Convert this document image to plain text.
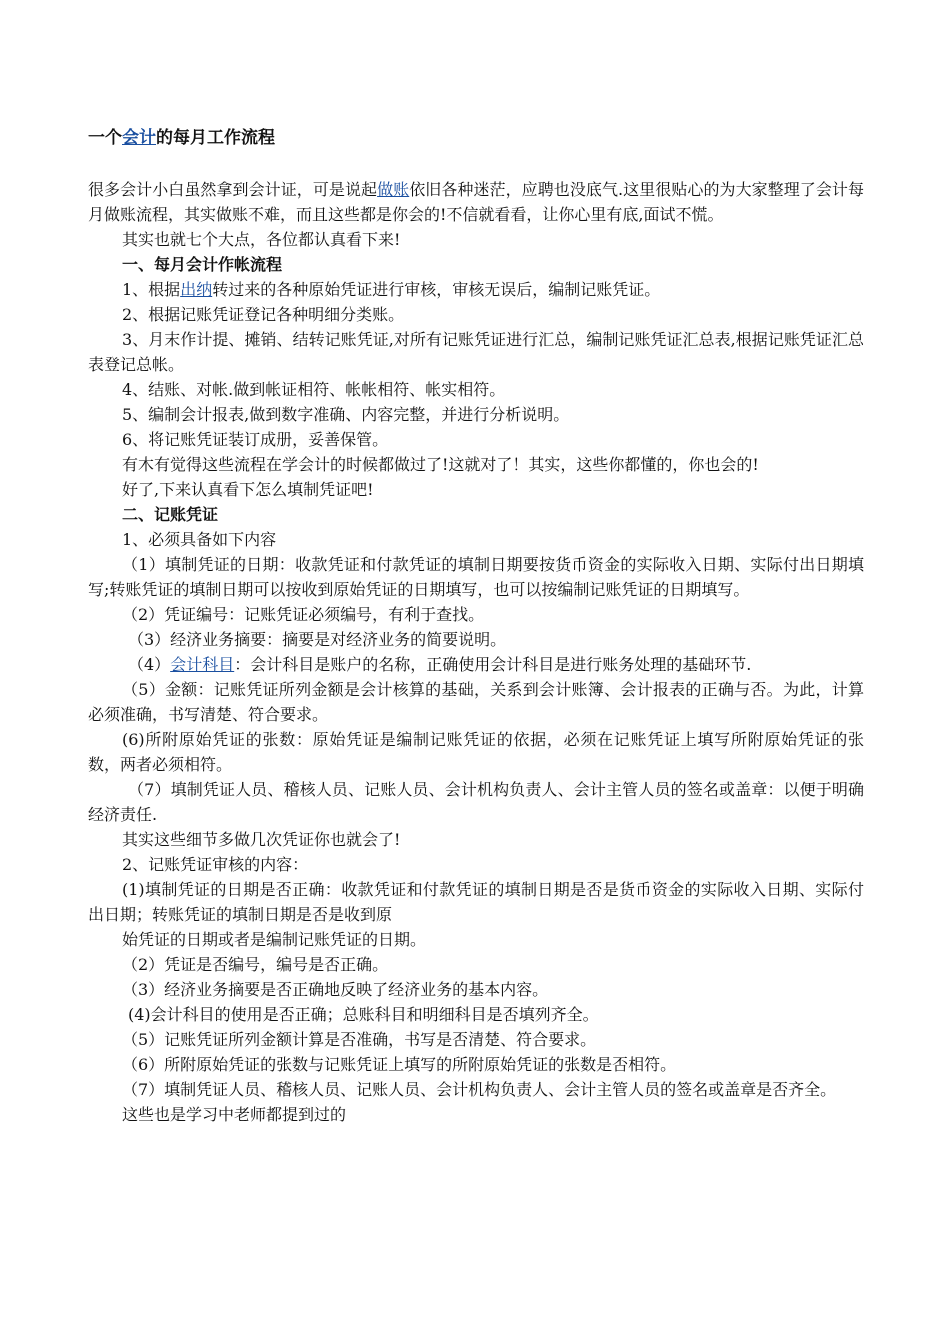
一个会计的每月工作流程

很多会计小白虽然拿到会计证，可是说起做账依旧各种迷茫，应聘也没底气.这里很贴心的为大家整理了会计每月做账流程，其实做账不难，而且这些都是你会的!不信就看看，让你心里有底,面试不慌。

其实也就七个大点，各位都认真看下来!

一、每月会计作帐流程

1、根据出纳转过来的各种原始凭证进行审核，审核无误后，编制记账凭证。

2、根据记账凭证登记各种明细分类账。

3、月末作计提、摊销、结转记账凭证,对所有记账凭证进行汇总，编制记账凭证汇总表,根据记账凭证汇总表登记总帐。

4、结账、对帐.做到帐证相符、帐帐相符、帐实相符。

5、编制会计报表,做到数字准确、内容完整，并进行分析说明。

6、将记账凭证装订成册，妥善保管。

有木有觉得这些流程在学会计的时候都做过了!这就对了！其实，这些你都懂的，你也会的!

好了,下来认真看下怎么填制凭证吧!

二、记账凭证

1、必须具备如下内容

（1）填制凭证的日期：收款凭证和付款凭证的填制日期要按货币资金的实际收入日期、实际付出日期填写;转账凭证的填制日期可以按收到原始凭证的日期填写，也可以按编制记账凭证的日期填写。

（2）凭证编号：记账凭证必须编号，有利于查找。

（3）经济业务摘要：摘要是对经济业务的简要说明。

（4）会计科目：会计科目是账户的名称，正确使用会计科目是进行账务处理的基础环节.

（5）金额：记账凭证所列金额是会计核算的基础，关系到会计账簿、会计报表的正确与否。为此，计算必须准确，书写清楚、符合要求。

(6)所附原始凭证的张数：原始凭证是编制记账凭证的依据，必须在记账凭证上填写所附原始凭证的张数，两者必须相符。

（7）填制凭证人员、稽核人员、记账人员、会计机构负责人、会计主管人员的签名或盖章：以便于明确经济责任.

其实这些细节多做几次凭证你也就会了!

2、记账凭证审核的内容：

(1)填制凭证的日期是否正确：收款凭证和付款凭证的填制日期是否是货币资金的实际收入日期、实际付出日期；转账凭证的填制日期是否是收到原

始凭证的日期或者是编制记账凭证的日期。

（2）凭证是否编号，编号是否正确。

（3）经济业务摘要是否正确地反映了经济业务的基本内容。

(4)会计科目的使用是否正确；总账科目和明细科目是否填列齐全。

（5）记账凭证所列金额计算是否准确，书写是否清楚、符合要求。

（6）所附原始凭证的张数与记账凭证上填写的所附原始凭证的张数是否相符。

（7）填制凭证人员、稽核人员、记账人员、会计机构负责人、会计主管人员的签名或盖章是否齐全。

这些也是学习中老师都提到过的
